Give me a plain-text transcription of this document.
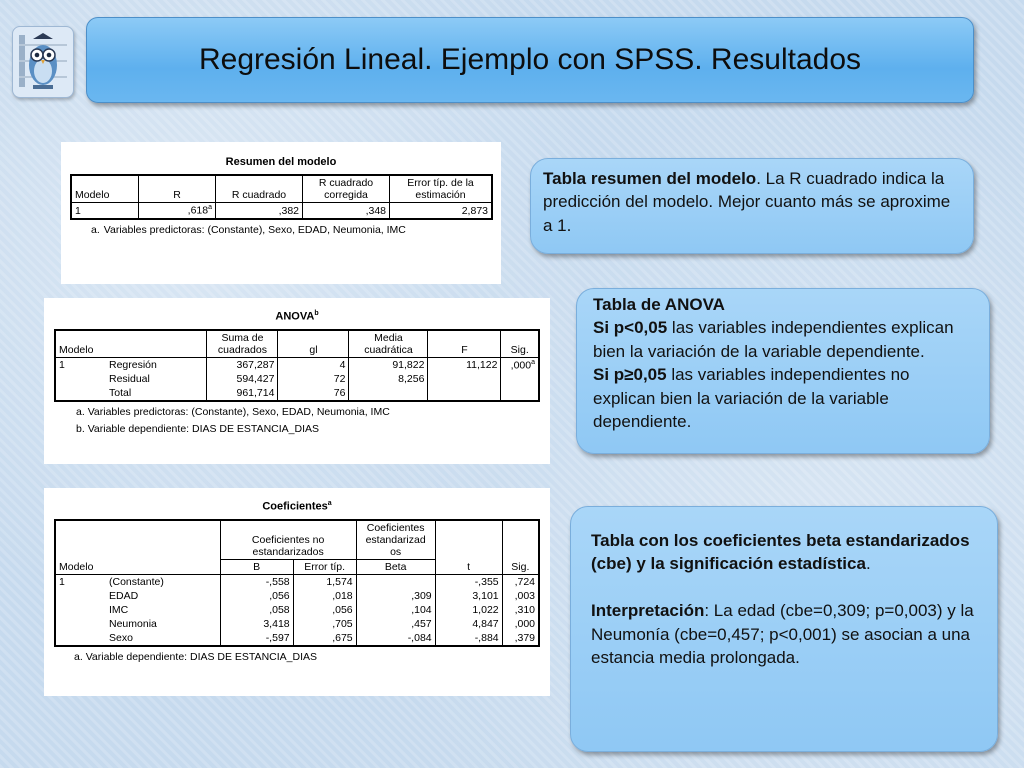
Regresión Lineal. Ejemplo con SPSS. Resultados
Resumen del modelo
Modelo	R	R cuadrado	R cuadrado corregida	Error típ. de la estimación
1	,618$^a$	,382	,348	2,873
a. Variables predictoras: (Constante), Sexo, EDAD, Neumonia, IMC
ANOVA$^b$
Modelo		Suma de cuadrados	gl	Media cuadrática	F	Sig.
1	Regresión	367,287	4	91,822	11,122	,000$^a$
	Residual	594,427	72	8,256		
	Total	961,714	76			
a. Variables predictoras: (Constante), Sexo, EDAD, Neumonia, IMC
b. Variable dependiente: DIAS DE ESTANCIA_DIAS
Coeficientes$^a$
		Coeficientes no estandarizados		Coeficientes estandarizad os		
Modelo		B	Error típ.	Beta	t	Sig.
1	(Constante)	-,558	1,574		-,355	,724
	EDAD	,056	,018	,309	3,101	,003
	IMC	,058	,056	,104	1,022	,310
	Neumonia	3,418	,705	,457	4,847	,000
	Sexo	-,597	,675	-,084	-,884	,379
a. Variable dependiente: DIAS DE ESTANCIA_DIAS
Tabla resumen del modelo. La R cuadrado indica la predicción del modelo. Mejor cuanto más se aproxime a 1.
Tabla de ANOVA
Si p<0,05 las variables independientes explican bien la variación de la variable dependiente.
Si p≥0,05 las variables independientes no explican bien la variación de la variable dependiente.
Tabla con los coeficientes beta estandarizados (cbe) y la significación estadística.

Interpretación: La edad (cbe=0,309; p=0,003) y la Neumonía (cbe=0,457; p<0,001) se asocian a una estancia media prolongada.
